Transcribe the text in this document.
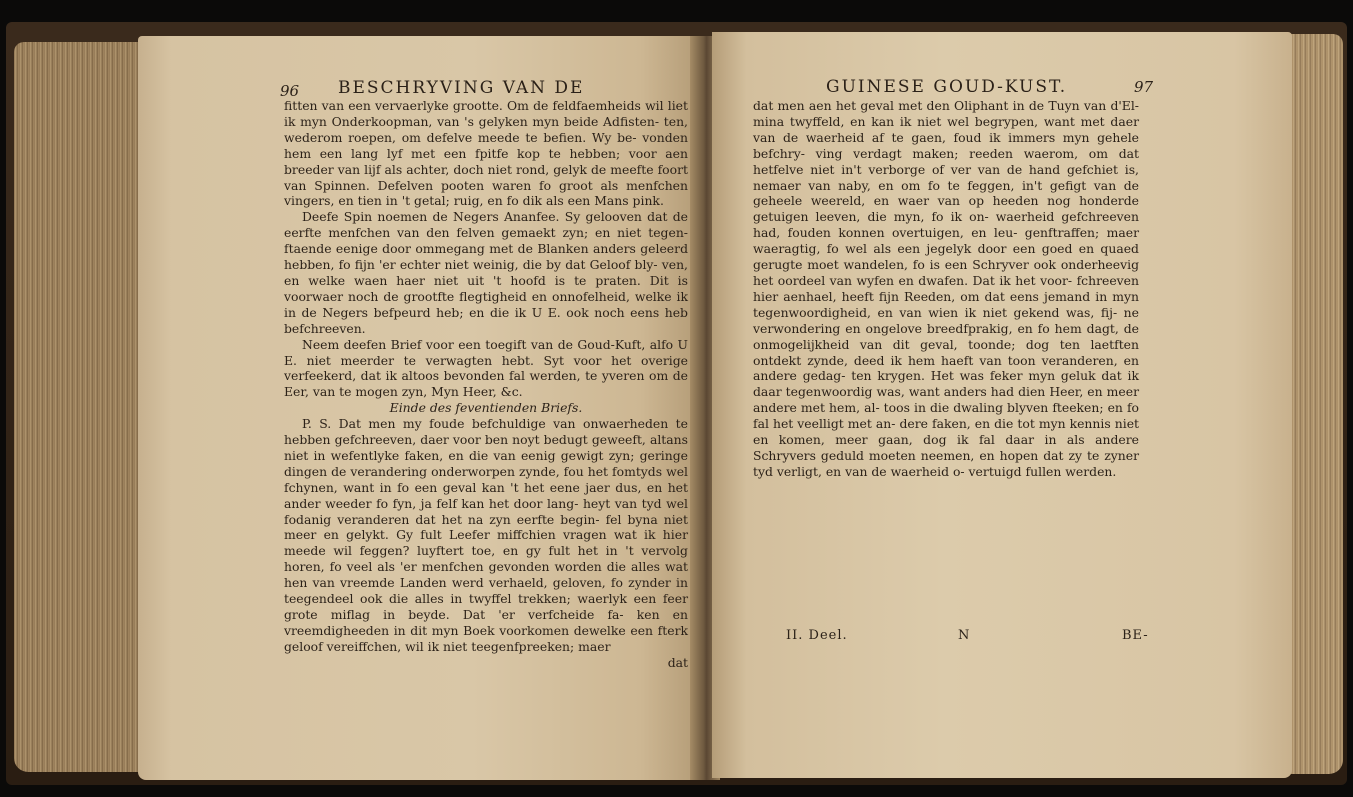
96 BESCHRYVING VAN DE

fitten van een vervaerlyke grootte. Om de feldfaemheids wil liet ik myn Onderkoopman, van 's gelyken myn beide Adfisten- ten, wederom roepen, om defelve meede te befien. Wy be- vonden hem een lang lyf met een fpitfe kop te hebben; voor aen breeder van lijf als achter, doch niet rond, gelyk de meefte foort van Spinnen. Defelven pooten waren fo groot als menfchen vingers, en tien in 't getal; ruig, en fo dik als een Mans pink.

Deefe Spin noemen de Negers Ananfee. Sy gelooven dat de eerfte menfchen van den felven gemaekt zyn; en niet tegen- ftaende eenige door ommegang met de Blanken anders geleerd hebben, fo fijn 'er echter niet weinig, die by dat Geloof bly- ven, en welke waen haer niet uit 't hoofd is te praten. Dit is voorwaer noch de grootfte flegtigheid en onnofelheid, welke ik in de Negers befpeurd heb; en die ik U E. ook noch eens heb befchreeven.

Neem deefen Brief voor een toegift van de Goud-Kuft, alfo U E. niet meerder te verwagten hebt. Syt voor het overige verfeekerd, dat ik altoos bevonden fal werden, te yveren om de Eer, van te mogen zyn, Myn Heer, &c.

Einde des feventienden Briefs.

P. S. Dat men my foude befchuldige van onwaerheden te hebben gefchreeven, daer voor ben noyt bedugt geweeft, altans niet in wefentlyke faken, en die van eenig gewigt zyn; geringe dingen de verandering onderworpen zynde, fou het fomtyds wel fchynen, want in fo een geval kan 't het eene jaer dus, en het ander weeder fo fyn, ja felf kan het door lang- heyt van tyd wel fodanig veranderen dat het na zyn eerfte begin- fel byna niet meer en gelykt. Gy fult Leefer miffchien vragen wat ik hier meede wil feggen? luyftert toe, en gy fult het in 't vervolg horen, fo veel als 'er menfchen gevonden worden die alles wat hen van vreemde Landen werd verhaeld, geloven, fo zynder in teegendeel ook die alles in twyffel trekken; waerlyk een feer grote miflag in beyde. Dat 'er verfcheide fa- ken en vreemdigheeden in dit myn Boek voorkomen dewelke een fterk geloof vereiffchen, wil ik niet teegenfpreeken; maer

dat

GUINESE GOUD-KUST.	97

dat men aen het geval met den Oliphant in de Tuyn van d'El- mina twyffeld, en kan ik niet wel begrypen, want met daer van de waerheid af te gaen, foud ik immers myn gehele befchry- ving verdagt maken; reeden waerom, om dat hetfelve niet in't verborge of ver van de hand gefchiet is, nemaer van naby, en om fo te feggen, in't gefigt van de geheele weereld, en waer van op heeden nog honderde getuigen leeven, die myn, fo ik on- waerheid gefchreeven had, fouden konnen overtuigen, en leu- genftraffen; maer waeragtig, fo wel als een jegelyk door een goed en quaed gerugte moet wandelen, fo is een Schryver ook onderheevig het oordeel van wyfen en dwafen. Dat ik het voor- fchreeven hier aenhael, heeft fijn Reeden, om dat eens jemand in myn tegenwoordigheid, en van wien ik niet gekend was, fij- ne verwondering en ongelove breedfprakig, en fo hem dagt, de onmogelijkheid van dit geval, toonde; dog ten laetften ontdekt zynde, deed ik hem haeft van toon veranderen, en andere gedag- ten krygen. Het was feker myn geluk dat ik daar tegenwoordig was, want anders had dien Heer, en meer andere met hem, al- toos in die dwaling blyven fteeken; en fo fal het veelligt met an- dere faken, en die tot myn kennis niet en komen, meer gaan, dog ik fal daar in als andere Schryvers geduld moeten neemen, en hopen dat zy te zyner tyd verligt, en van de waerheid o- vertuigd fullen werden.

II. Deel.	N	BE-
